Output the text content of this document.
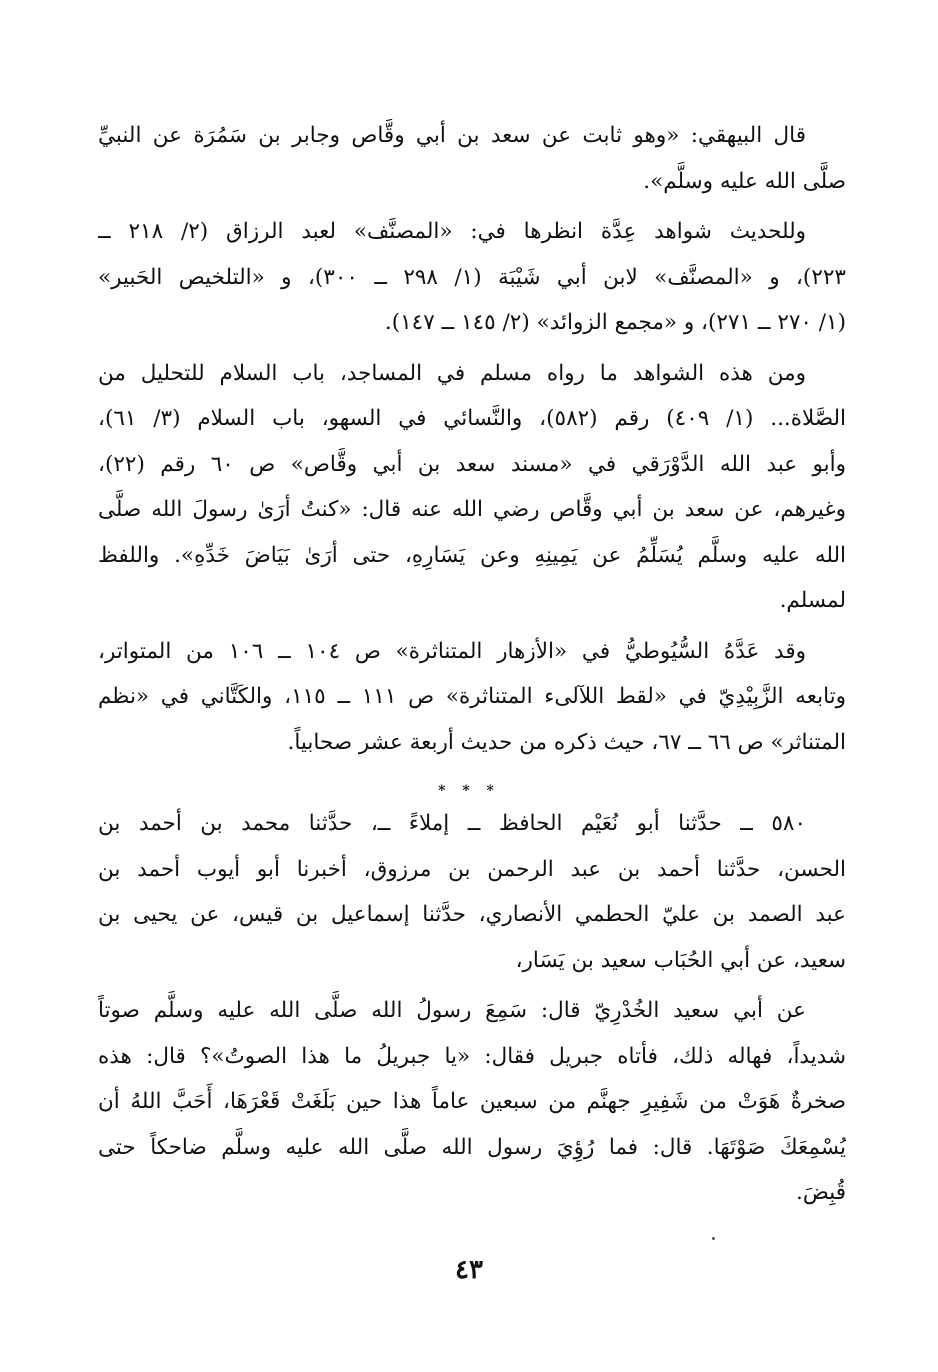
قال البيهقي: «وهو ثابت عن سعد بن أبي وقَّاص وجابر بن سَمُرَة عن النبيِّ
صلَّى الله عليه وسلَّم».
وللحديث شواهد عِدَّة انظرها في: «المصنَّف» لعبد الرزاق (٢/ ٢١٨ ــ
٢٢٣)، و «المصنَّف» لابن أبي شَيْبَة (١/ ٢٩٨ ــ ٣٠٠)، و «التلخيص الحَبير»
(١/ ٢٧٠ ــ ٢٧١)، و «مجمع الزوائد» (٢/ ١٤٥ ــ ١٤٧).
ومن هذه الشواهد ما رواه مسلم في المساجد، باب السلام للتحليل من
الصَّلاة... (١/ ٤٠٩) رقم (٥٨٢)، والنَّسائي في السهو، باب السلام (٣/ ٦١)،
وأبو عبد الله الدَّوْرَقي في «مسند سعد بن أبي وقَّاص» ص ٦٠ رقم (٢٢)،
وغيرهم، عن سعد بن أبي وقَّاص رضي الله عنه قال: «كنتُ أرَىٰ رسولَ الله صلَّى
الله عليه وسلَّم يُسَلِّمُ عن يَمِينِهِ وعن يَسَارِهِ، حتى أرَىٰ بَيَاضَ خَدِّهِ». واللفظ
لمسلم.
وقد عَدَّهُ السُّيُوطيُّ في «الأزهار المتناثرة» ص ١٠٤ ــ ١٠٦ من المتواتر،
وتابعه الزَّبِيْدِيّ في «لقط اللآلىء المتناثرة» ص ١١١ ــ ١١٥، والكَتَّاني في «نظم
المتناثر» ص ٦٦ ــ ٦٧، حيث ذكره من حديث أربعة عشر صحابياً.
٥٨٠ ــ حدَّثنا أبو نُعَيْم الحافظ ــ إملاءً ــ، حدَّثنا محمد بن أحمد بن
الحسن، حدَّثنا أحمد بن عبد الرحمن بن مرزوق، أخبرنا أبو أيوب أحمد بن
عبد الصمد بن عليّ الحطمي الأنصاري، حدَّثنا إسماعيل بن قيس، عن يحيى بن
سعيد، عن أبي الحُبَاب سعيد بن يَسَار،
عن أبي سعيد الخُدْرِيّ قال: سَمِعَ رسولُ الله صلَّى الله عليه وسلَّم صوتاً
شديداً، فهاله ذلك، فأتاه جبريل فقال: «يا جبريلُ ما هذا الصوتُ»؟ قال: هذه
صخرةٌ هَوَتْ من شَفِيرِ جهنَّم من سبعين عاماً هذا حين بَلَغَتْ قَعْرَهَا، أَحَبَّ اللهُ أن
يُسْمِعَكَ صَوْتَهَا. قال: فما رُؤِيَ رسول الله صلَّى الله عليه وسلَّم ضاحكاً حتى
قُبِضَ.
* * *
٤٣
